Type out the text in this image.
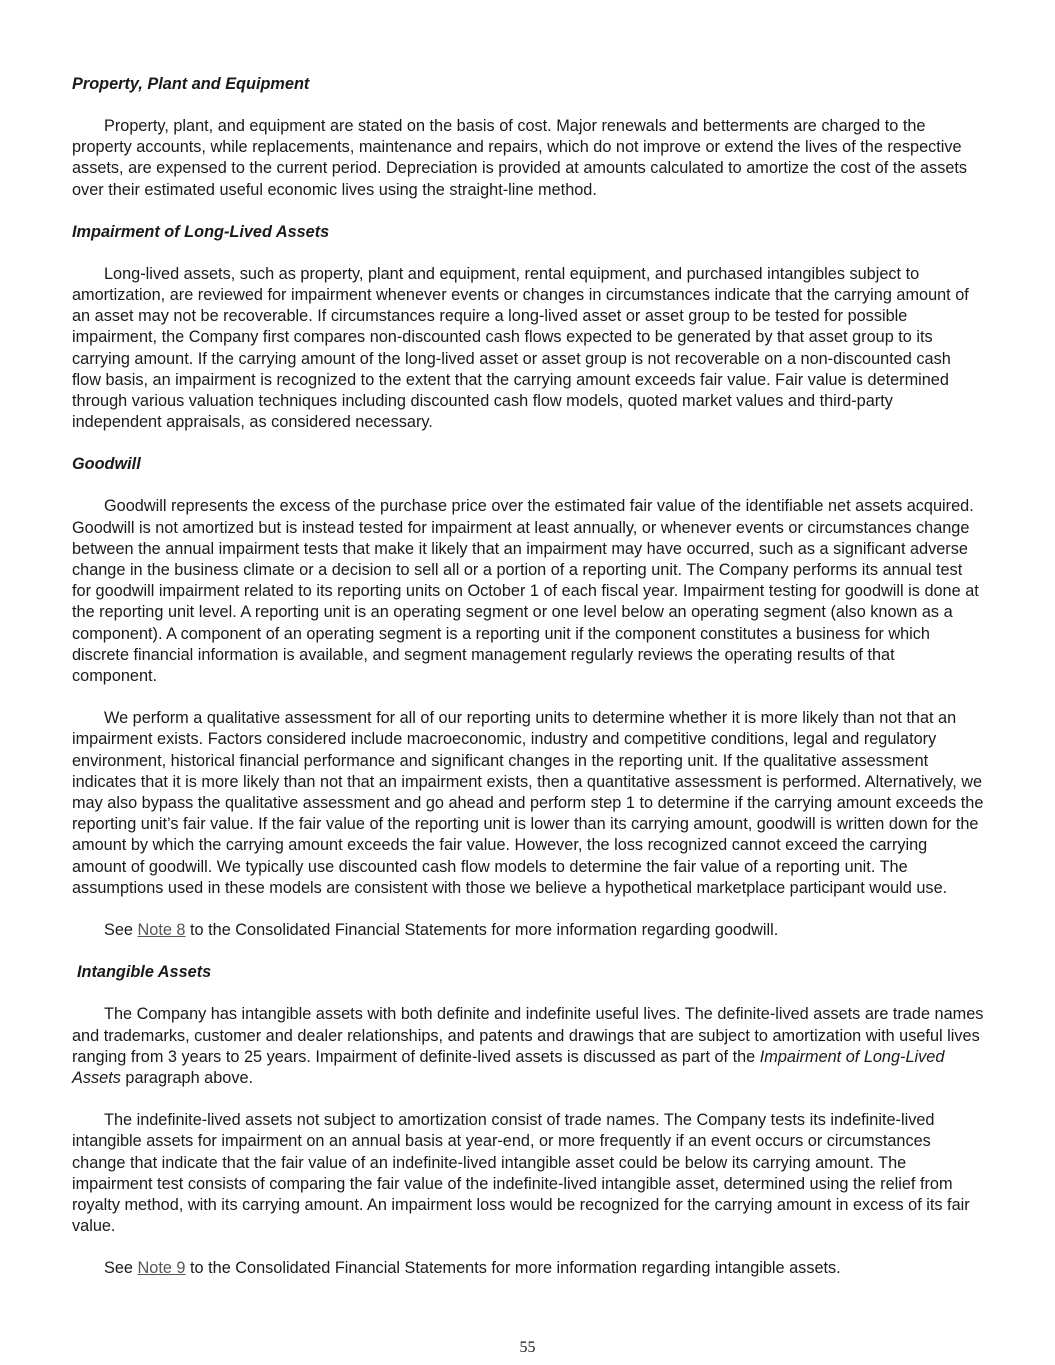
Property, Plant and Equipment

Property, plant, and equipment are stated on the basis of cost. Major renewals and betterments are charged to the property accounts, while replacements, maintenance and repairs, which do not improve or extend the lives of the respective assets, are expensed to the current period. Depreciation is provided at amounts calculated to amortize the cost of the assets over their estimated useful economic lives using the straight-line method.

Impairment of Long-Lived Assets

Long-lived assets, such as property, plant and equipment, rental equipment, and purchased intangibles subject to amortization, are reviewed for impairment whenever events or changes in circumstances indicate that the carrying amount of an asset may not be recoverable. If circumstances require a long-lived asset or asset group to be tested for possible impairment, the Company first compares non-discounted cash flows expected to be generated by that asset group to its carrying amount. If the carrying amount of the long-lived asset or asset group is not recoverable on a non-discounted cash flow basis, an impairment is recognized to the extent that the carrying amount exceeds fair value. Fair value is determined through various valuation techniques including discounted cash flow models, quoted market values and third-party independent appraisals, as considered necessary.

Goodwill

Goodwill represents the excess of the purchase price over the estimated fair value of the identifiable net assets acquired. Goodwill is not amortized but is instead tested for impairment at least annually, or whenever events or circumstances change between the annual impairment tests that make it likely that an impairment may have occurred, such as a significant adverse change in the business climate or a decision to sell all or a portion of a reporting unit. The Company performs its annual test for goodwill impairment related to its reporting units on October 1 of each fiscal year. Impairment testing for goodwill is done at the reporting unit level. A reporting unit is an operating segment or one level below an operating segment (also known as a component). A component of an operating segment is a reporting unit if the component constitutes a business for which discrete financial information is available, and segment management regularly reviews the operating results of that component.

We perform a qualitative assessment for all of our reporting units to determine whether it is more likely than not that an impairment exists. Factors considered include macroeconomic, industry and competitive conditions, legal and regulatory environment, historical financial performance and significant changes in the reporting unit. If the qualitative assessment indicates that it is more likely than not that an impairment exists, then a quantitative assessment is performed. Alternatively, we may also bypass the qualitative assessment and go ahead and perform step 1 to determine if the carrying amount exceeds the reporting unit’s fair value. If the fair value of the reporting unit is lower than its carrying amount, goodwill is written down for the amount by which the carrying amount exceeds the fair value. However, the loss recognized cannot exceed the carrying amount of goodwill. We typically use discounted cash flow models to determine the fair value of a reporting unit. The assumptions used in these models are consistent with those we believe a hypothetical marketplace participant would use.

See Note 8 to the Consolidated Financial Statements for more information regarding goodwill.

Intangible Assets

The Company has intangible assets with both definite and indefinite useful lives. The definite-lived assets are trade names and trademarks, customer and dealer relationships, and patents and drawings that are subject to amortization with useful lives ranging from 3 years to 25 years. Impairment of definite-lived assets is discussed as part of the Impairment of Long-Lived Assets paragraph above.

The indefinite-lived assets not subject to amortization consist of trade names. The Company tests its indefinite-lived intangible assets for impairment on an annual basis at year-end, or more frequently if an event occurs or circumstances change that indicate that the fair value of an indefinite-lived intangible asset could be below its carrying amount. The impairment test consists of comparing the fair value of the indefinite-lived intangible asset, determined using the relief from royalty method, with its carrying amount. An impairment loss would be recognized for the carrying amount in excess of its fair value.

See Note 9 to the Consolidated Financial Statements for more information regarding intangible assets.

55
